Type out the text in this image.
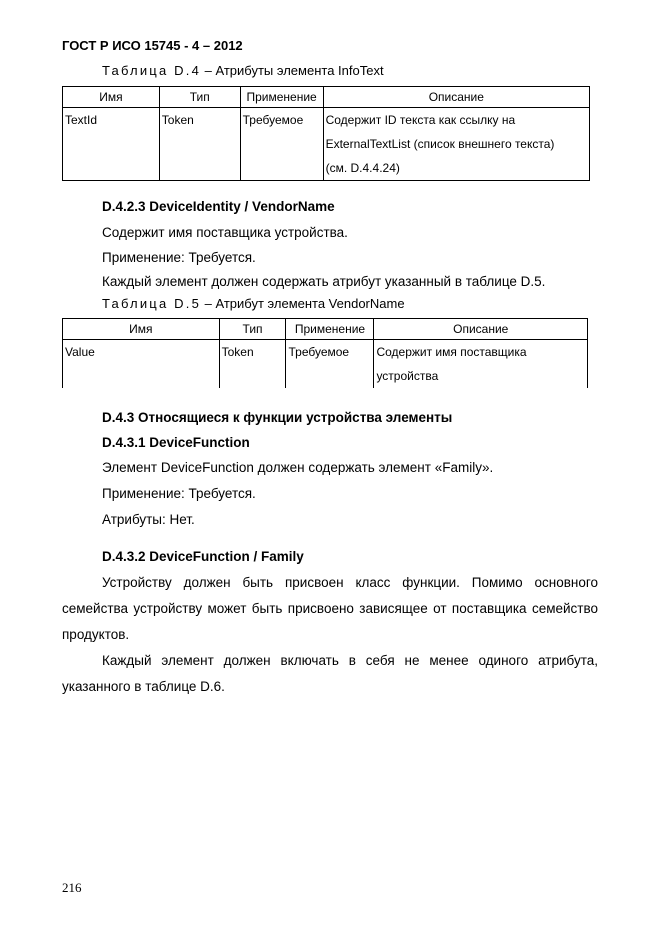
ГОСТ Р ИСО 15745 - 4 – 2012
Таблица D.4 – Атрибуты элемента InfoText
Имя	Тип	Применение	Описание
TextId	Token	Требуемое	Содержит ID текста как ссылку на
ExternalTextList (список внешнего текста)
(см. D.4.4.24)
D.4.2.3 DeviceIdentity / VendorName
Содержит имя поставщика устройства.
Применение: Требуется.
Каждый элемент должен содержать атрибут указанный в таблице D.5.
Таблица D.5 – Атрибут элемента VendorName
Имя	Тип	Применение	Описание
Value	Token	Требуемое	Содержит имя поставщика
устройства
D.4.3 Относящиеся к функции устройства элементы
D.4.3.1 DeviceFunction
Элемент DeviceFunction должен содержать элемент «Family».
Применение: Требуется.
Атрибуты: Нет.
D.4.3.2 DeviceFunction / Family
Устройству должен быть присвоен класс функции. Помимо основного семейства устройству может быть присвоено зависящее от поставщика семейство продуктов.
Каждый элемент должен включать в себя не менее одиного атрибута, указанного в таблице D.6.
216
